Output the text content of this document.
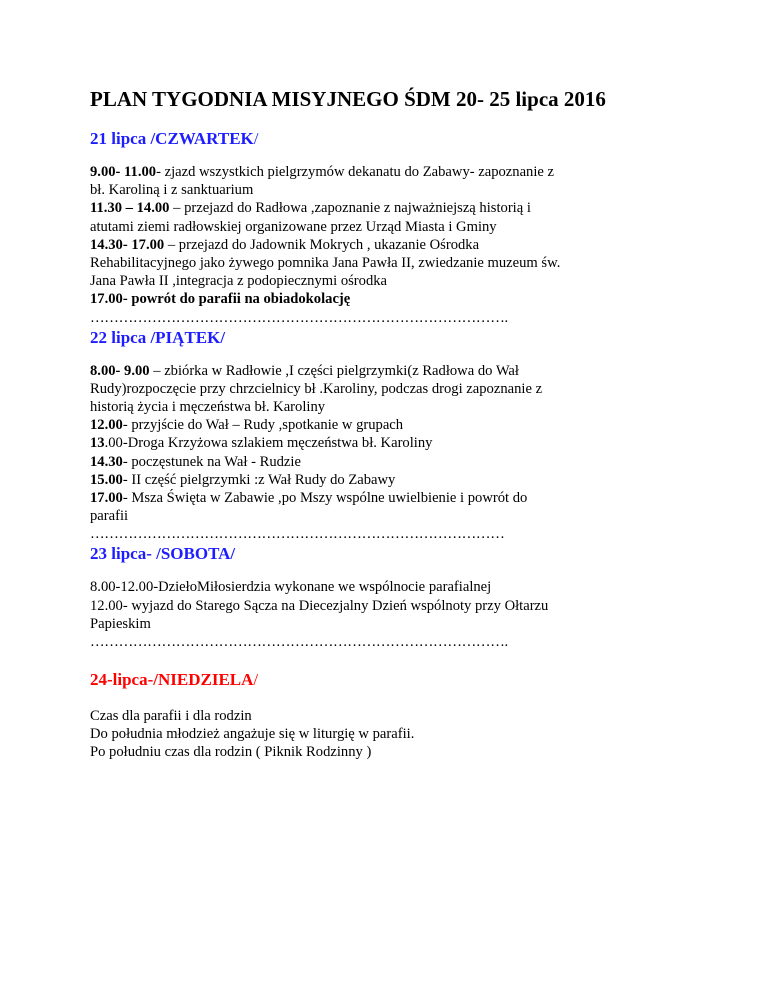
PLAN TYGODNIA MISYJNEGO ŚDM 20- 25 lipca 2016
21 lipca /CZWARTEK/
9.00- 11.00- zjazd wszystkich pielgrzymów dekanatu do Zabawy- zapoznanie z
bł. Karoliną i z sanktuarium
11.30 – 14.00 – przejazd do Radłowa ,zapoznanie z najważniejszą historią i
atutami ziemi radłowskiej organizowane przez Urząd Miasta i Gminy
14.30- 17.00 – przejazd do Jadownik Mokrych , ukazanie Ośrodka
Rehabilitacyjnego jako żywego pomnika Jana Pawła II, zwiedzanie muzeum św.
Jana Pawła II ,integracja z podopiecznymi ośrodka
17.00- powrót do parafii na obiadokolację
…………………………………………………………………………….
22 lipca /PIĄTEK/
8.00- 9.00 – zbiórka w Radłowie ,I części pielgrzymki(z Radłowa do Wał
Rudy)rozpoczęcie przy chrzcielnicy bł .Karoliny, podczas drogi zapoznanie z
historią życia i męczeństwa bł. Karoliny
12.00- przyjście do Wał – Rudy ,spotkanie w grupach
13.00-Droga Krzyżowa szlakiem męczeństwa bł. Karoliny
14.30- poczęstunek na Wał - Rudzie
15.00- II część pielgrzymki :z Wał Rudy do Zabawy
17.00- Msza Święta w Zabawie ,po Mszy wspólne uwielbienie i powrót do
parafii
……………………………………………………………………………
23 lipca- /SOBOTA/
8.00-12.00-DziełoMiłosierdzia wykonane we wspólnocie parafialnej
12.00- wyjazd do Starego Sącza na Diecezjalny Dzień wspólnoty przy Ołtarzu
Papieskim
…………………………………………………………………………….
24-lipca-/NIEDZIELA/
Czas dla parafii i dla rodzin
Do południa młodzież angażuje się w liturgię w parafii.
Po południu czas dla rodzin ( Piknik Rodzinny )
